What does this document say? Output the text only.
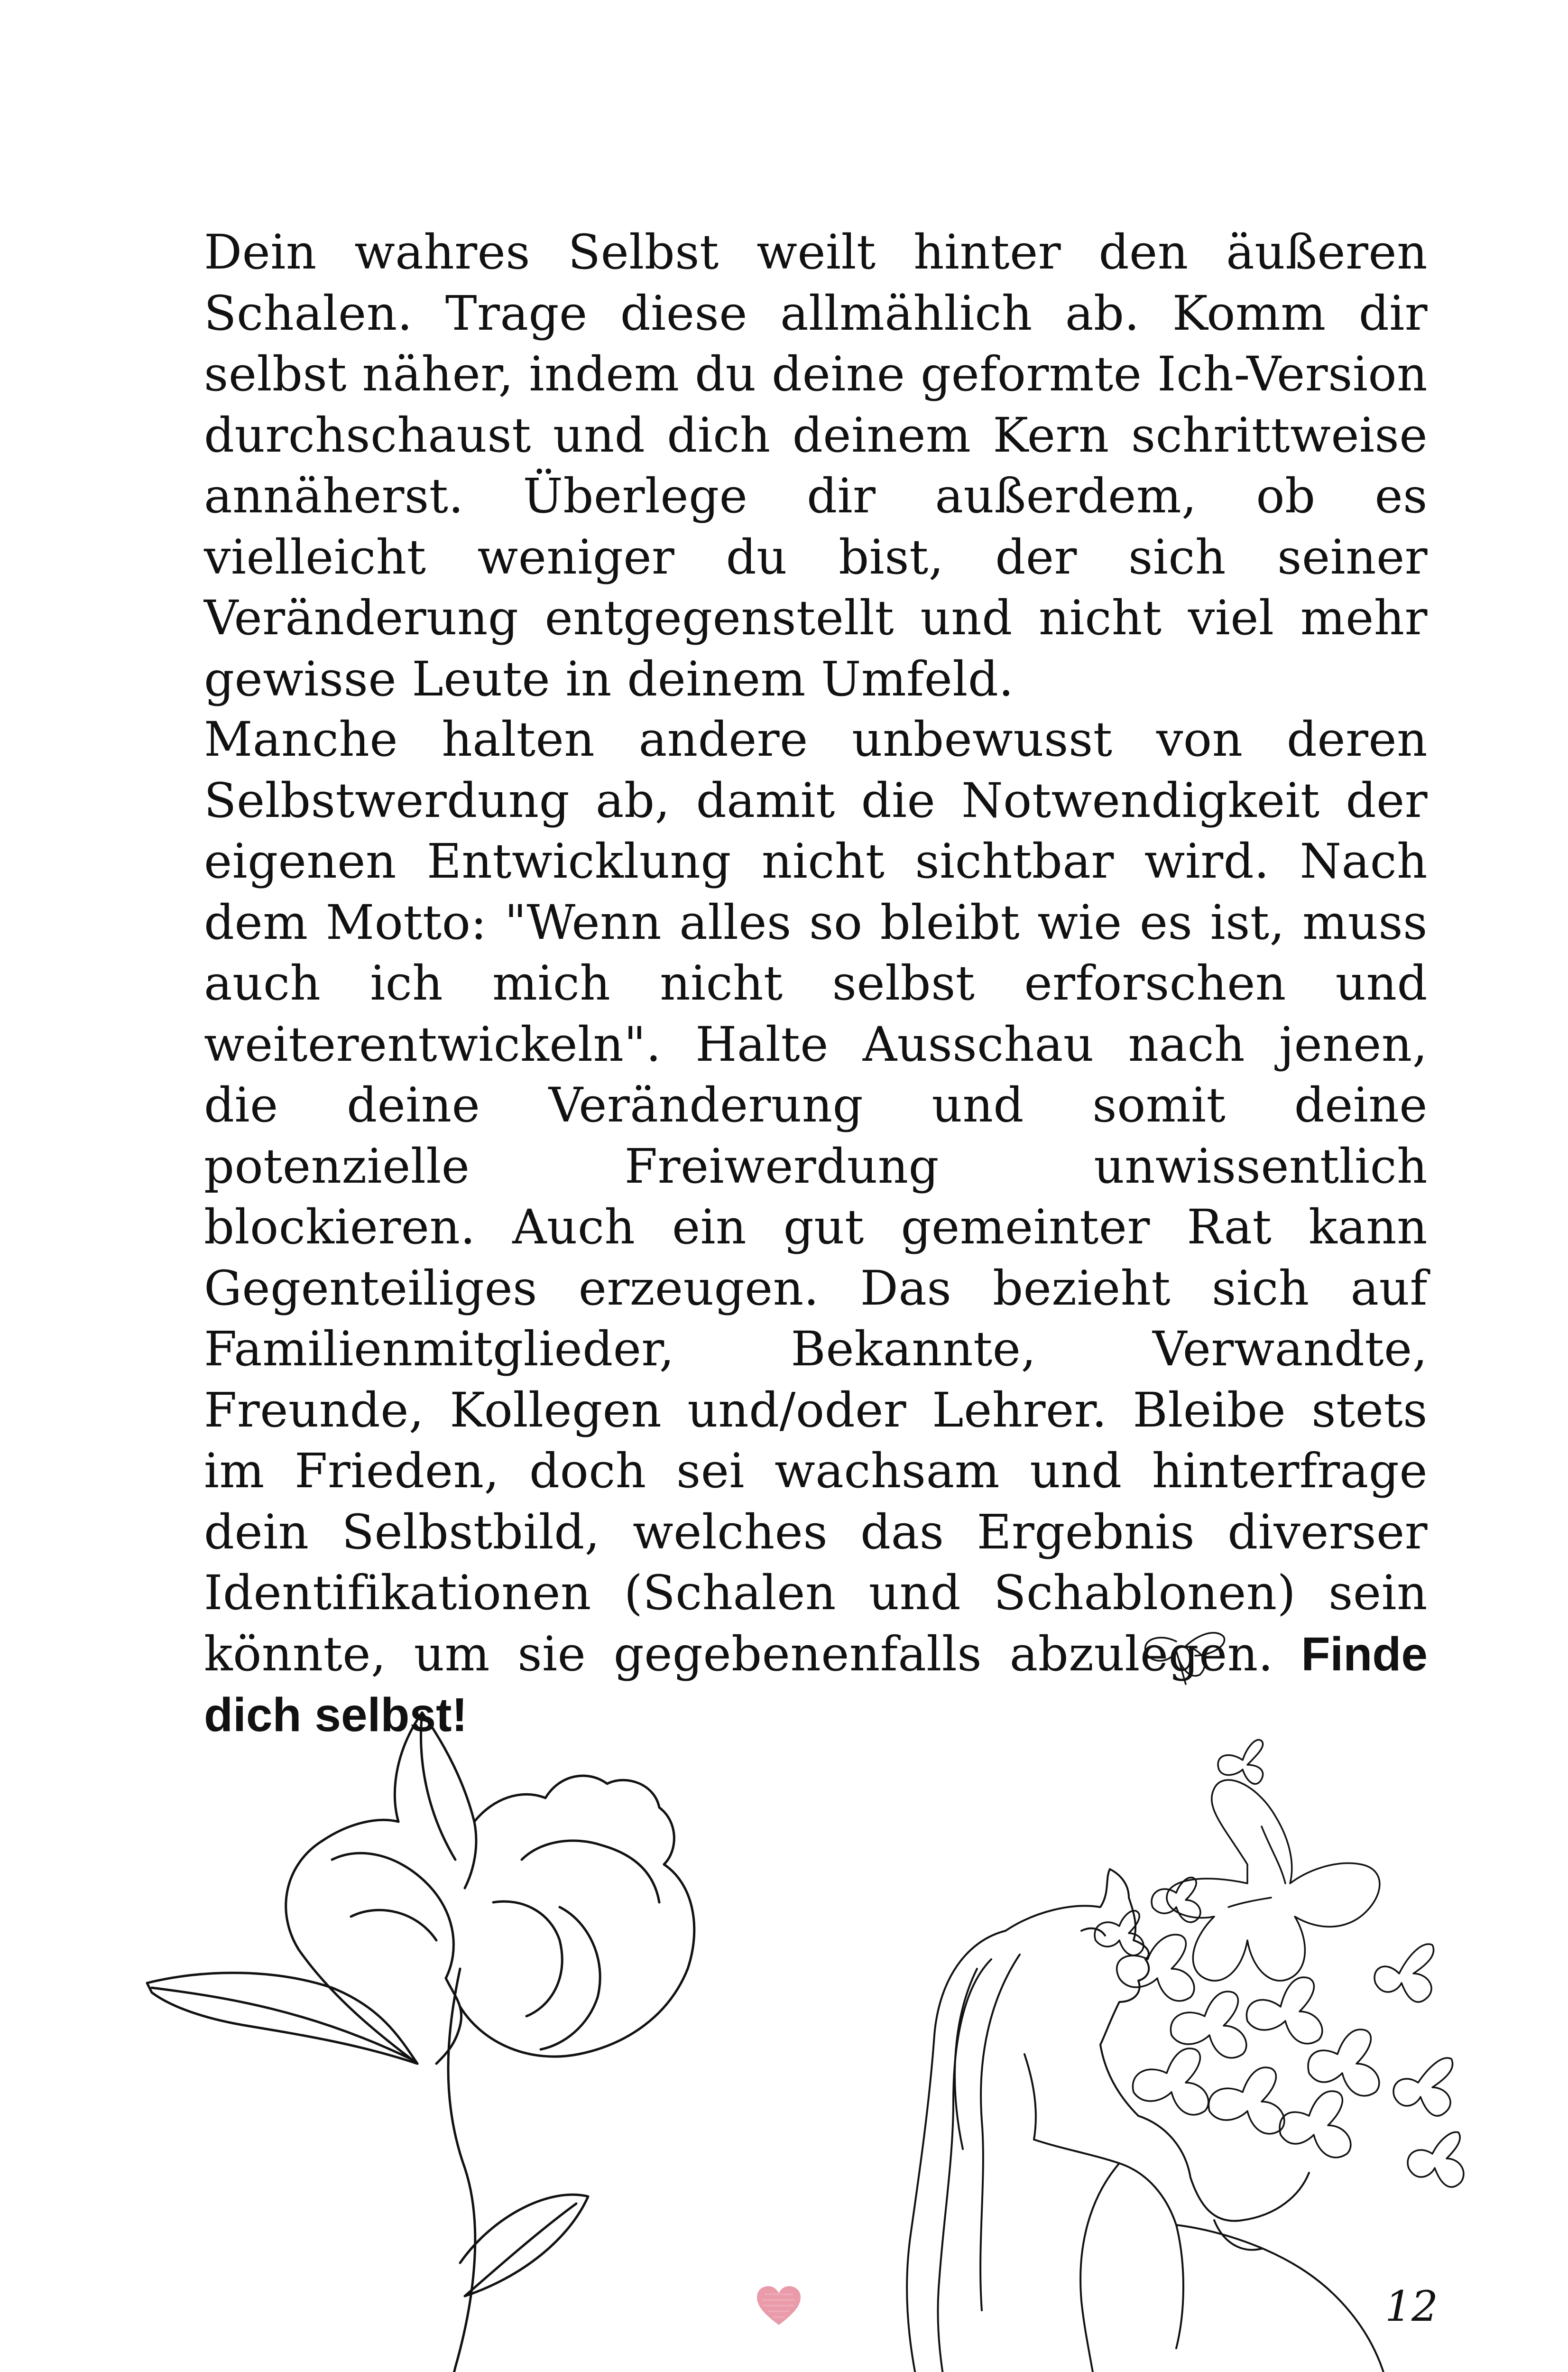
Dein wahres Selbst weilt hinter den äußeren Schalen. Trage diese allmählich ab. Komm dir selbst näher, indem du deine geformte Ich-Version durchschaust und dich deinem Kern schrittweise annäherst. Überlege dir außerdem, ob es vielleicht weniger du bist, der sich seiner Veränderung entgegenstellt und nicht viel mehr gewisse Leute in deinem Umfeld.

Manche halten andere unbewusst von deren Selbstwerdung ab, damit die Notwendigkeit der eigenen Entwicklung nicht sichtbar wird. Nach dem Motto: "Wenn alles so bleibt wie es ist, muss auch ich mich nicht selbst erforschen und weiterentwickeln". Halte Ausschau nach jenen, die deine Veränderung und somit deine potenzielle Freiwerdung unwissentlich blockieren. Auch ein gut gemeinter Rat kann Gegenteiliges erzeugen. Das bezieht sich auf Familienmitglieder, Bekannte, Verwandte, Freunde, Kollegen und/oder Lehrer. Bleibe stets im Frieden, doch sei wachsam und hinterfrage dein Selbstbild, welches das Ergebnis diverser Identifikationen (Schalen und Schablonen) sein könnte, um sie gegebenenfalls abzulegen. Finde dich selbst!

12
